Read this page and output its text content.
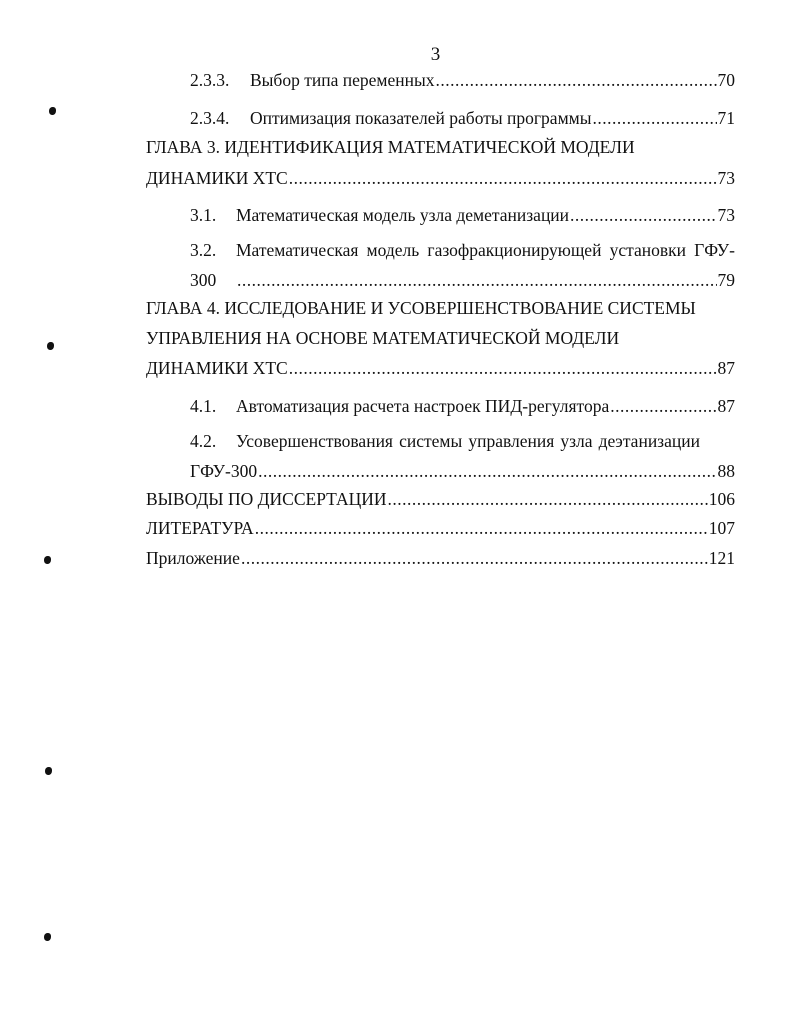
3
2.3.3.	Выбор типа переменных .....	70
2.3.4.	Оптимизация показателей работы программы .....	71
ГЛАВА 3. ИДЕНТИФИКАЦИЯ МАТЕМАТИЧЕСКОЙ МОДЕЛИ
ДИНАМИКИ ХТС .....	73
3.1.	Математическая модель узла деметанизации .....	73
3.2.	Математическая модель газофракционирующей установки ГФУ-
300 .....	79
ГЛАВА 4. ИССЛЕДОВАНИЕ И УСОВЕРШЕНСТВОВАНИЕ СИСТЕМЫ
УПРАВЛЕНИЯ НА ОСНОВЕ МАТЕМАТИЧЕСКОЙ МОДЕЛИ
ДИНАМИКИ ХТС .....	87
4.1.	Автоматизация расчета настроек ПИД-регулятора .....	87
4.2.	Усовершенствования системы управления узла деэтанизации
ГФУ-300 .....	88
ВЫВОДЫ ПО ДИССЕРТАЦИИ .....	106
ЛИТЕРАТУРА .....	107
Приложение .....	121
